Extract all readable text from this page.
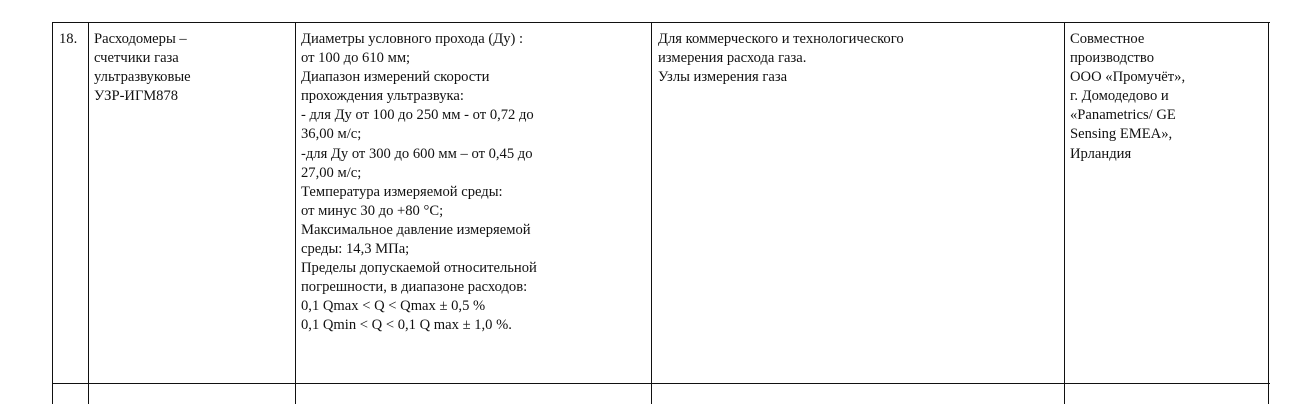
18. Расходомеры –
счетчики газа
ультразвуковые
УЗР-ИГМ878
Диаметры условного прохода (Ду) :
от 100 до 610 мм;
Диапазон измерений скорости
прохождения ультразвука:
- для Ду от 100 до 250 мм - от 0,72 до
36,00 м/с;
-для Ду от 300 до 600 мм – от 0,45 до
27,00 м/с;
Температура измеряемой среды:
от минус 30 до +80 °С;
Максимальное давление измеряемой
среды: 14,3 МПа;
Пределы допускаемой относительной
погрешности, в диапазоне расходов:
0,1 Qmax < Q < Qmax ± 0,5 %
0,1 Qmin < Q < 0,1 Q max ± 1,0 %.
Для коммерческого и технологического
измерения расхода газа.
Узлы измерения газа
Совместное
производство
ООО «Промучёт»,
г. Домодедово и
«Panametrics/ GE
Sensing EMEA»,
Ирландия
